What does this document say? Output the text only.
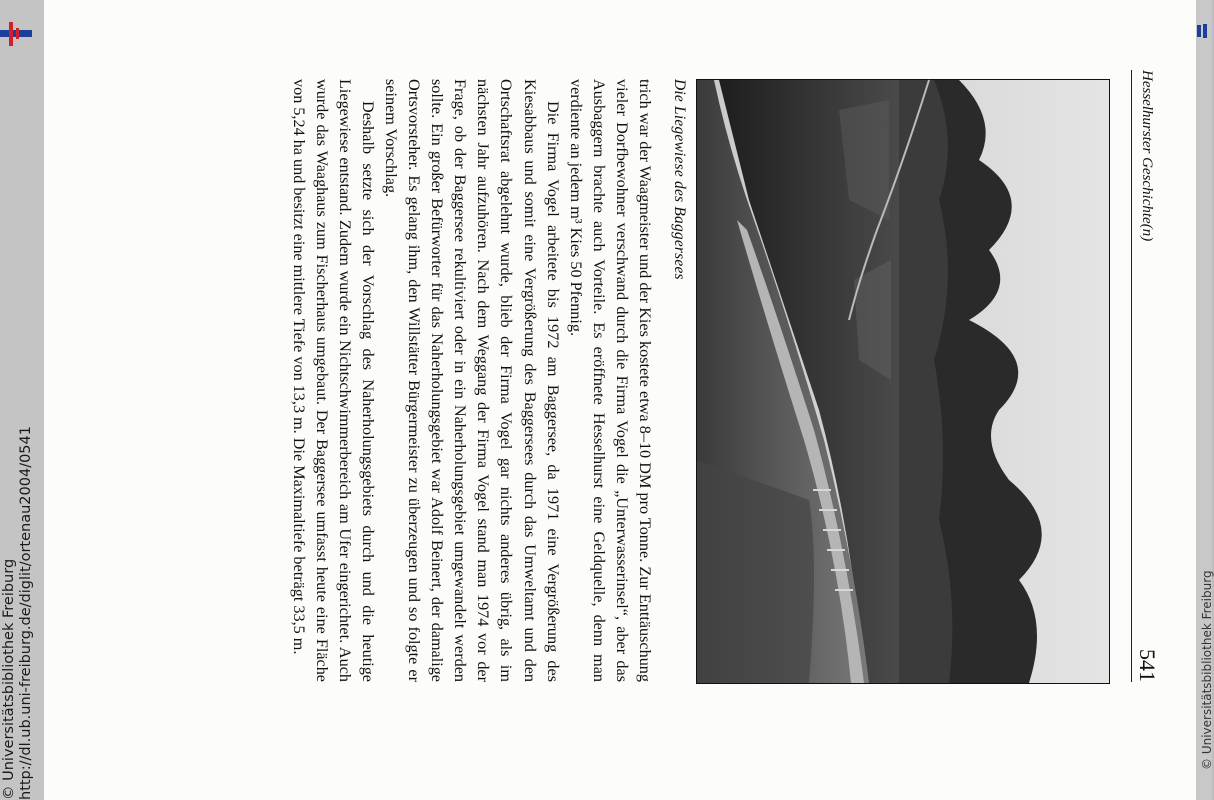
http://dl.ub.uni-freiburg.de/diglit/ortenau2004/0541
© Universitätsbibliothek Freiburg	© Universitätsbibliothek Freiburg
Hesselhurster Geschichte(n)
541
Die Liegewiese des Baggersees

trich war der Waagmeister und der Kies kostete etwa 8–10 DM pro Tonne. Zur Enttäuschung vieler Dorfbewohner verschwand durch die Firma Vogel die „Unterwasserinsel“, aber das Ausbaggern brachte auch Vorteile. Es eröffnete Hesselhurst eine Geldquelle, denn man verdiente an jedem m³ Kies 50 Pfennig.

Die Firma Vogel arbeitete bis 1972 am Baggersee, da 1971 eine Vergrößerung des Kiesabbaus und somit eine Vergrößerung des Baggersees durch das Umweltamt und den Ortschaftsrat abgelehnt wurde, blieb der Firma Vogel gar nichts anderes übrig, als im nächsten Jahr aufzuhören. Nach dem Weggang der Firma Vogel stand man 1974 vor der Frage, ob der Baggersee rekultiviert oder in ein Naherholungsgebiet umgewandelt werden sollte. Ein großer Befürworter für das Naherholungsgebiet war Adolf Beinert, der damalige Ortsvorsteher. Es gelang ihm, den Willstätter Bürgermeister zu überzeugen und so folgte er seinem Vorschlag.

Deshalb setzte sich der Vorschlag des Naherholungsgebiets durch und die heutige Liegewiese entstand. Zudem wurde ein Nichtschwimmerbereich am Ufer eingerichtet. Auch wurde das Waaghaus zum Fischerhaus umgebaut. Der Baggersee umfasst heute eine Fläche von 5,24 ha und besitzt eine mittlere Tiefe von 13,3 m. Die Maximaltiefe beträgt 33,5 m.
